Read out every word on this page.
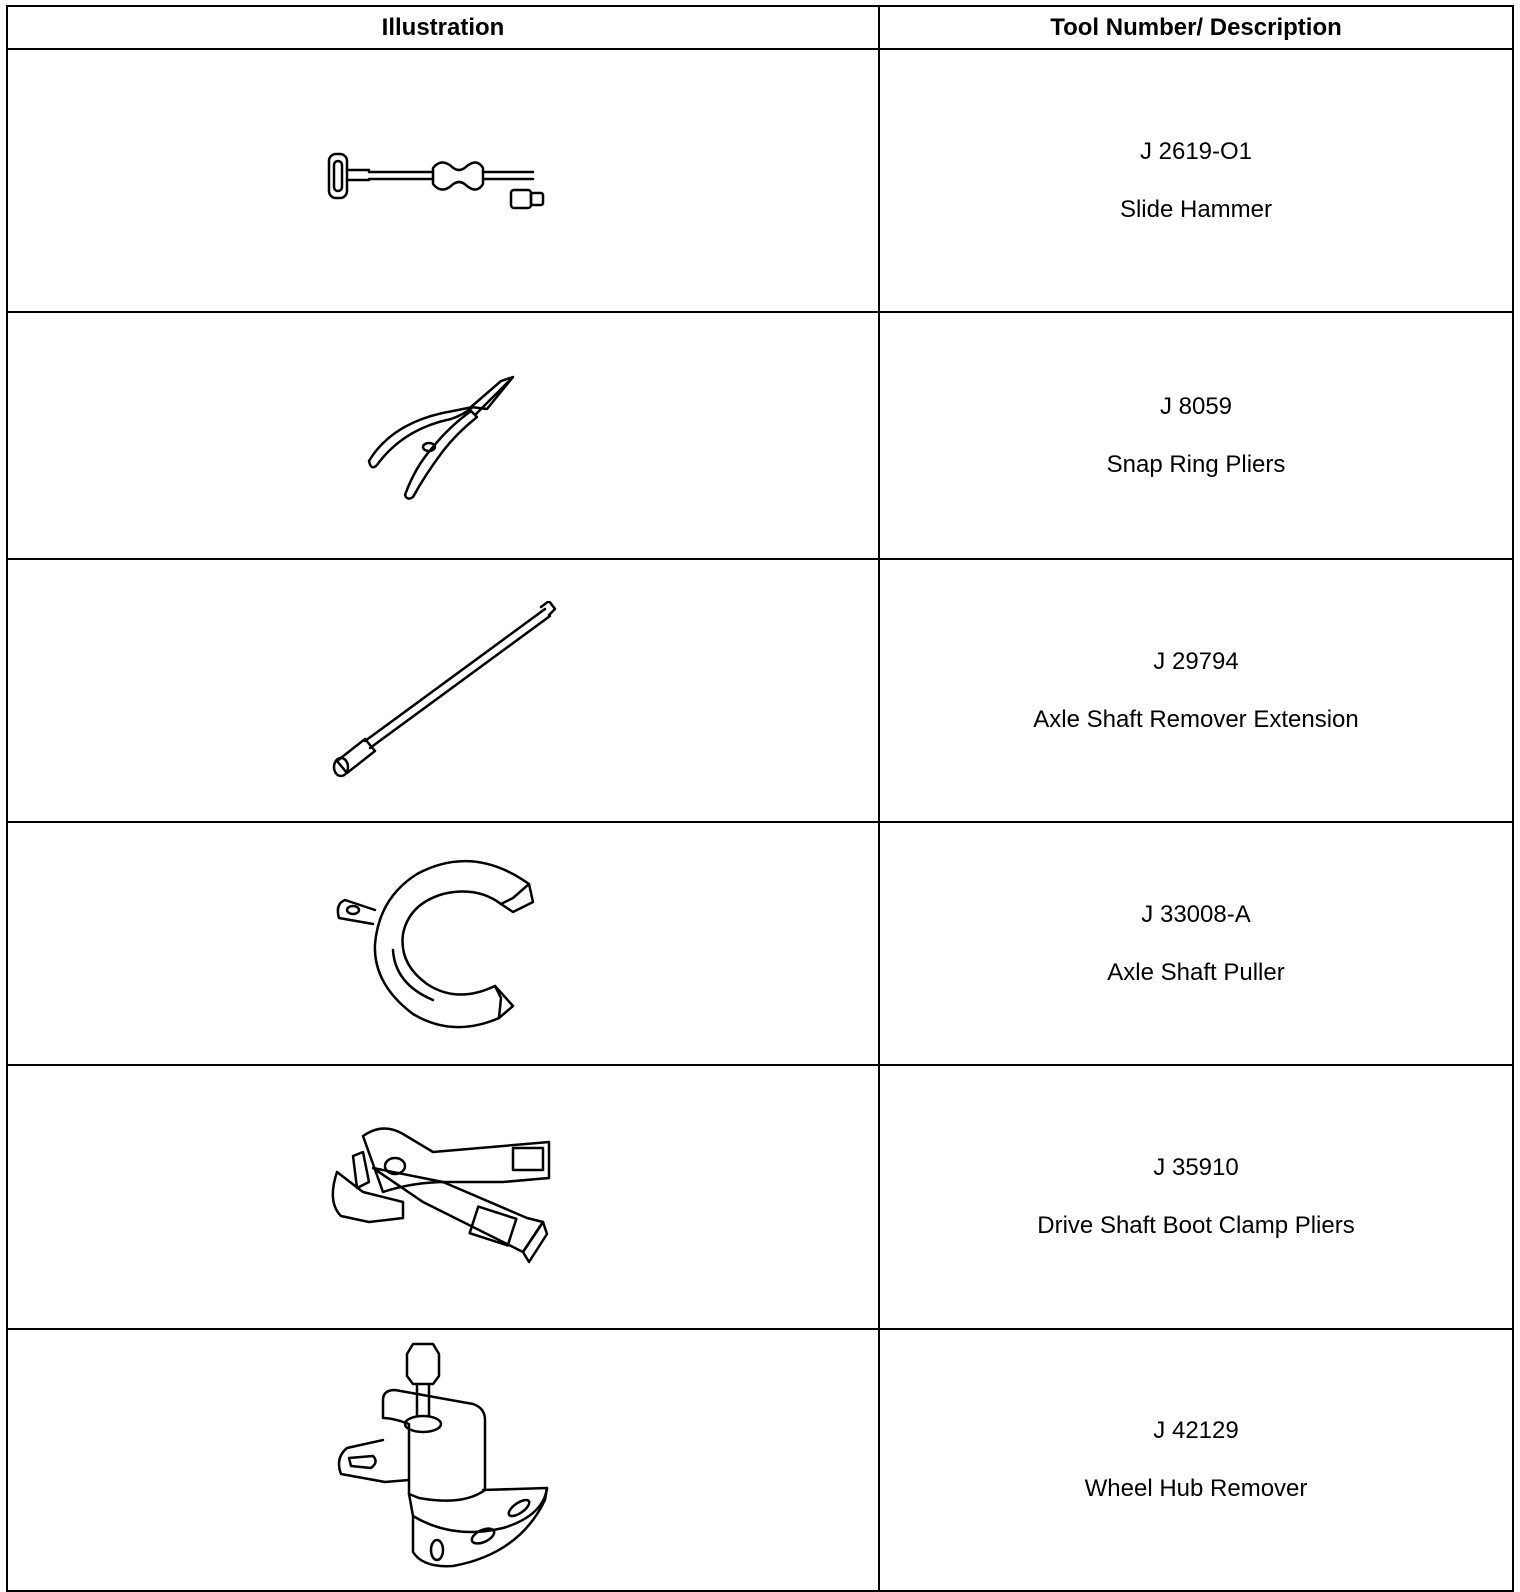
Illustration	Tool Number/ Description

J 2619-O1
Slide Hammer

J 8059
Snap Ring Pliers

J 29794
Axle Shaft Remover Extension

J 33008-A
Axle Shaft Puller

J 35910
Drive Shaft Boot Clamp Pliers

J 42129
Wheel Hub Remover
